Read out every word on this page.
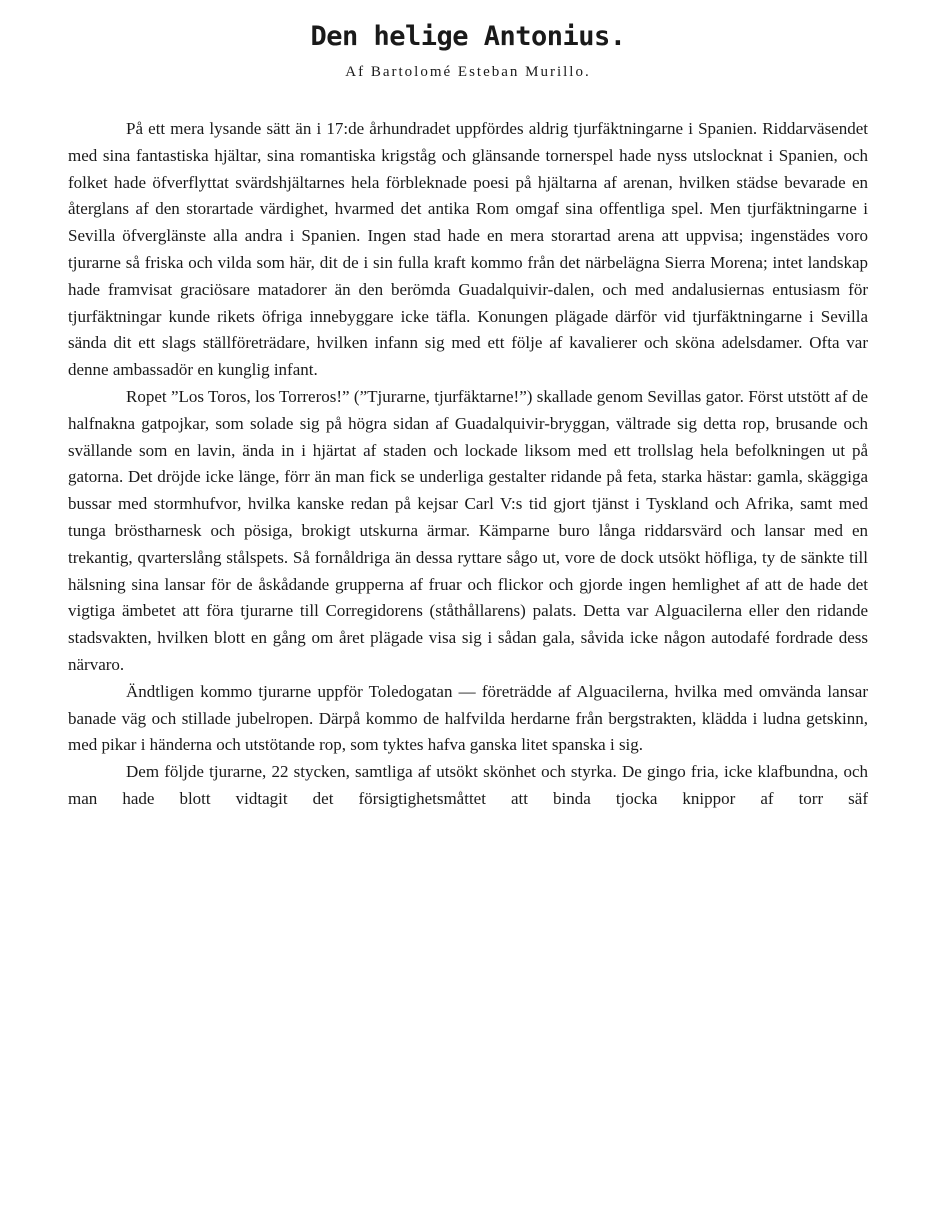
Den helige Antonius.

Af Bartolomé Esteban Murillo.

På ett mera lysande sätt än i 17:de århundradet uppfördes aldrig tjurfäktningarne i Spanien. Riddarväsendet med sina fantastiska hjältar, sina romantiska krigståg och glänsande tornerspel hade nyss utslocknat i Spanien, och folket hade öfverflyttat svärdshjältarnes hela förbleknade poesi på hjältarna af arenan, hvilken städse bevarade en återglans af den storartade värdighet, hvarmed det antika Rom omgaf sina offentliga spel. Men tjurfäktningarne i Sevilla öfverglänste alla andra i Spanien. Ingen stad hade en mera storartad arena att uppvisa; ingenstädes voro tjurarne så friska och vilda som här, dit de i sin fulla kraft kommo från det närbelägna Sierra Morena; intet landskap hade framvisat graciösare matadorer än den berömda Guadalquivir-dalen, och med andalusiernas entusiasm för tjurfäktningar kunde rikets öfriga innebyggare icke täfla. Konungen plägade därför vid tjurfäktningarne i Sevilla sända dit ett slags ställföreträdare, hvilken infann sig med ett följe af kavalierer och sköna adelsdamer. Ofta var denne ambassadör en kunglig infant.

Ropet ”Los Toros, los Torreros!” (”Tjurarne, tjurfäktarne!”) skallade genom Sevillas gator. Först utstött af de halfnakna gatpojkar, som solade sig på högra sidan af Guadalquivir-bryggan, vältrade sig detta rop, brusande och svällande som en lavin, ända in i hjärtat af staden och lockade liksom med ett trollslag hela befolkningen ut på gatorna. Det dröjde icke länge, förr än man fick se underliga gestalter ridande på feta, starka hästar: gamla, skäggiga bussar med stormhufvor, hvilka kanske redan på kejsar Carl V:s tid gjort tjänst i Tyskland och Afrika, samt med tunga bröstharnesk och pösiga, brokigt utskurna ärmar. Kämparne buro långa riddarsvärd och lansar med en trekantig, qvarterslång stålspets. Så fornåldriga än dessa ryttare sågo ut, vore de dock utsökt höfliga, ty de sänkte till hälsning sina lansar för de åskådande grupperna af fruar och flickor och gjorde ingen hemlighet af att de hade det vigtiga ämbetet att föra tjurarne till Corregidorens (ståthållarens) palats. Detta var Alguacilerna eller den ridande stadsvakten, hvilken blott en gång om året plägade visa sig i sådan gala, såvida icke någon autodafé fordrade dess närvaro.

Ändtligen kommo tjurarne uppför Toledogatan — företrädde af Alguacilerna, hvilka med omvända lansar banade väg och stillade jubelropen. Därpå kommo de halfvilda herdarne från bergstrakten, klädda i ludna getskinn, med pikar i händerna och utstötande rop, som tyktes hafva ganska litet spanska i sig.

Dem följde tjurarne, 22 stycken, samtliga af utsökt skönhet och styrka. De gingo fria, icke klafbundna, och man hade blott vidtagit det försigtighetsmåttet att binda tjocka knippor af torr säf
